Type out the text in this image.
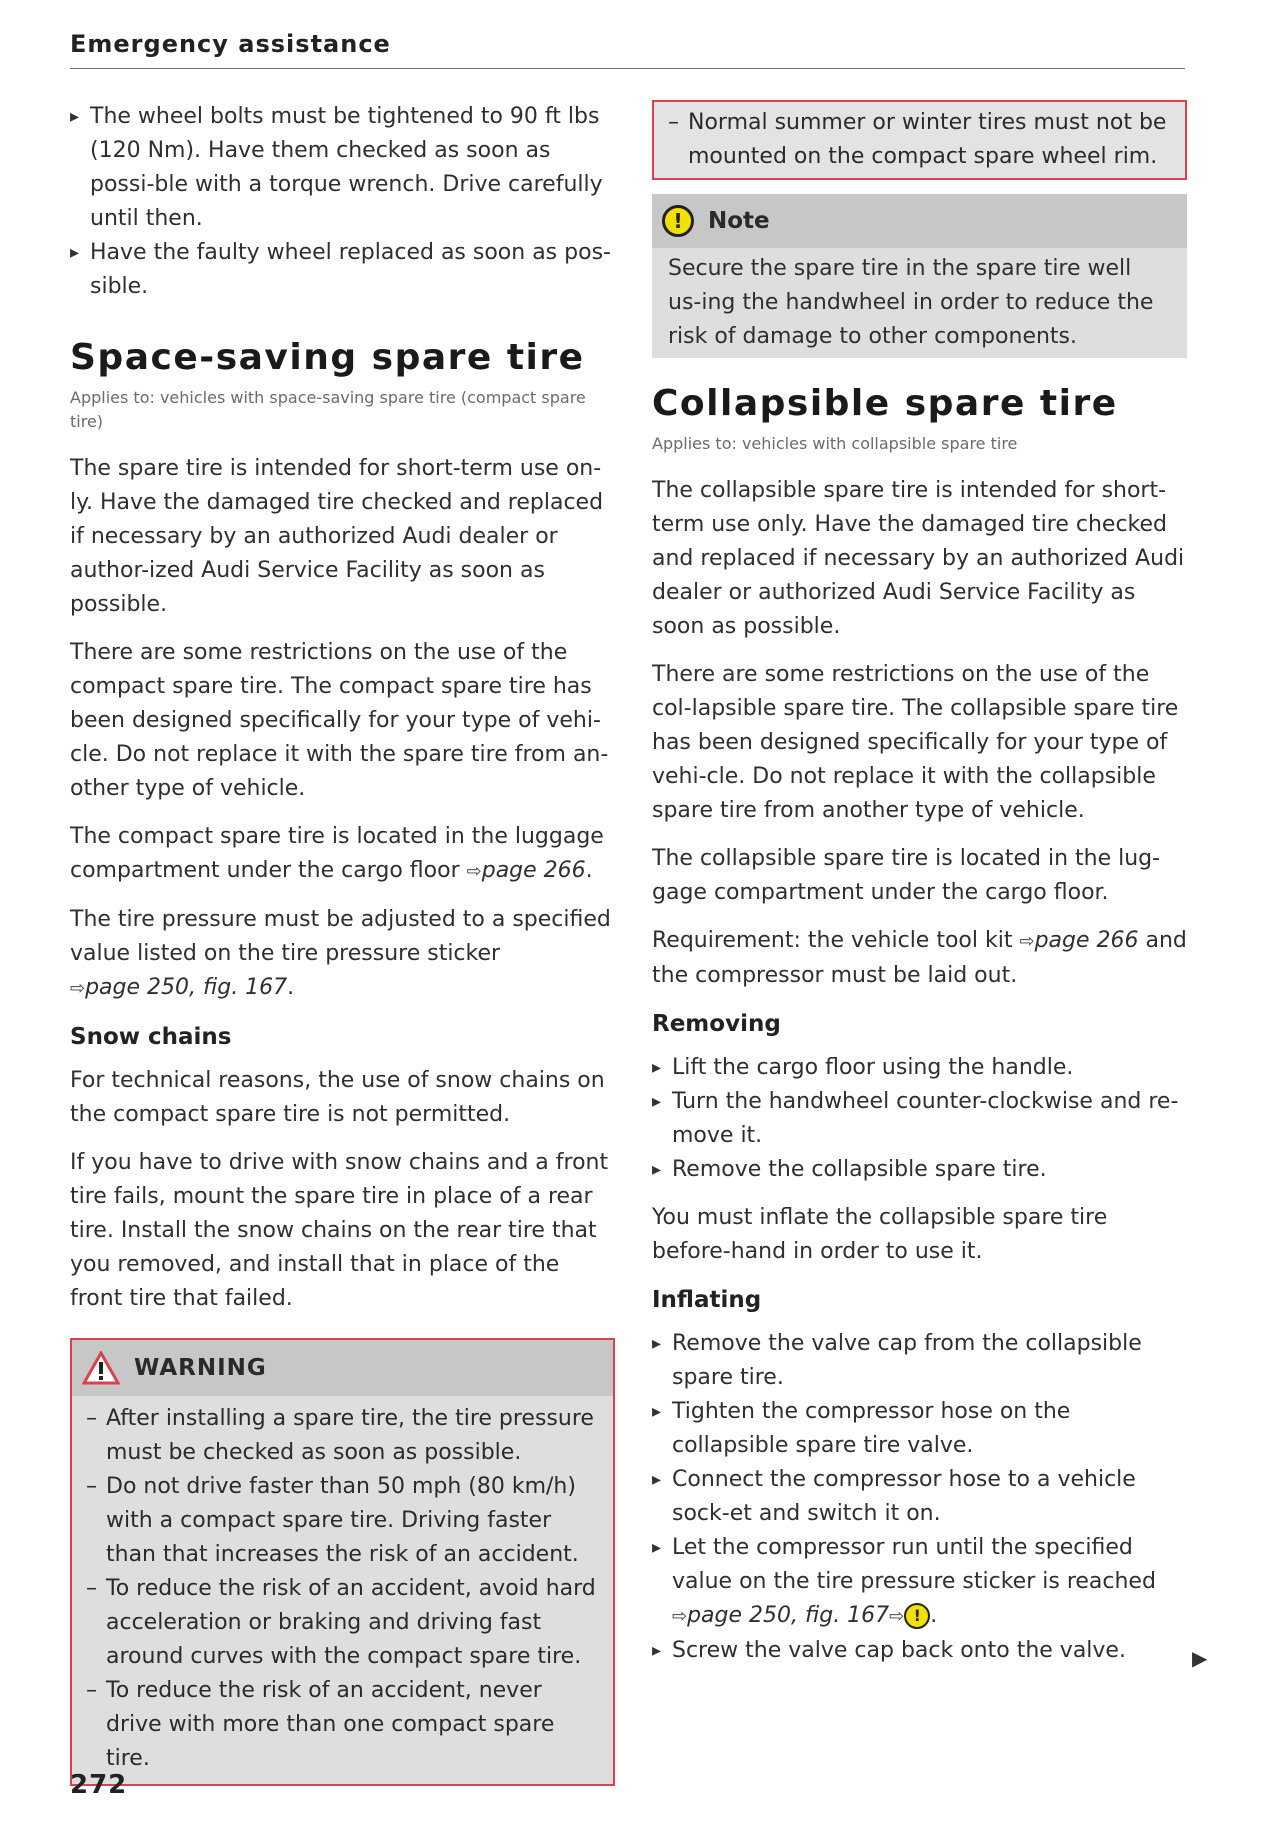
Emergency assistance
▸ The wheel bolts must be tightened to 90 ft lbs (120 Nm). Have them checked as soon as possi-ble with a torque wrench. Drive carefully until then.
▸ Have the faulty wheel replaced as soon as pos-sible.
Space-saving spare tire
Applies to: vehicles with space-saving spare tire (compact spare tire)

The spare tire is intended for short-term use on-ly. Have the damaged tire checked and replaced if necessary by an authorized Audi dealer or author-ized Audi Service Facility as soon as possible.

There are some restrictions on the use of the compact spare tire. The compact spare tire has been designed specifically for your type of vehi-cle. Do not replace it with the spare tire from an-other type of vehicle.

The compact spare tire is located in the luggage compartment under the cargo floor ⇨page 266.

The tire pressure must be adjusted to a specified value listed on the tire pressure sticker
⇨page 250, fig. 167.

Snow chains

For technical reasons, the use of snow chains on the compact spare tire is not permitted.

If you have to drive with snow chains and a front tire fails, mount the spare tire in place of a rear tire. Install the snow chains on the rear tire that you removed, and install that in place of the front tire that failed.

WARNING
– After installing a spare tire, the tire pressure must be checked as soon as possible.
– Do not drive faster than 50 mph (80 km/h) with a compact spare tire. Driving faster than that increases the risk of an accident.
– To reduce the risk of an accident, avoid hard acceleration or braking and driving fast around curves with the compact spare tire.
– To reduce the risk of an accident, never drive with more than one compact spare tire.
– Normal summer or winter tires must not be mounted on the compact spare wheel rim.
!	Note

Secure the spare tire in the spare tire well us-ing the handwheel in order to reduce the risk of damage to other components.

Collapsible spare tire
Applies to: vehicles with collapsible spare tire

The collapsible spare tire is intended for short-term use only. Have the damaged tire checked and replaced if necessary by an authorized Audi dealer or authorized Audi Service Facility as soon as possible.

There are some restrictions on the use of the col-lapsible spare tire. The collapsible spare tire has been designed specifically for your type of vehi-cle. Do not replace it with the collapsible spare tire from another type of vehicle.

The collapsible spare tire is located in the lug-gage compartment under the cargo floor.

Requirement: the vehicle tool kit ⇨page 266 and the compressor must be laid out.

Removing
▸ Lift the cargo floor using the handle.
▸ Turn the handwheel counter-clockwise and re-move it.
▸ Remove the collapsible spare tire.

You must inflate the collapsible spare tire before-hand in order to use it.

Inflating
▸ Remove the valve cap from the collapsible spare tire.
▸ Tighten the compressor hose on the collapsible spare tire valve.
▸ Connect the compressor hose to a vehicle sock-et and switch it on.
▸ Let the compressor run until the specified value on the tire pressure sticker is reached
⇨page 250, fig. 167⇨ ! .
▸ Screw the valve cap back onto the valve.	▶
272
